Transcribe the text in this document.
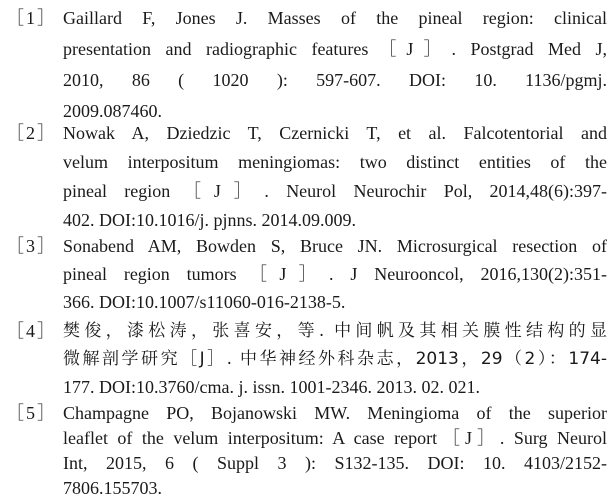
［1］ Gaillard F, Jones J. Masses of the pineal region: clinical
presentation and radiographic features［J］. Postgrad Med J,
2010, 86 ( 1020 ): 597-607. DOI: 10. 1136/pgmj.
2009.087460.
［2］ Nowak A, Dziedzic T, Czernicki T, et al. Falcotentorial and
velum interpositum meningiomas: two distinct entities of the
pineal region［J］. Neurol Neurochir Pol, 2014,48(6):397-
402. DOI:10.1016/j. pjnns. 2014.09.009.
［3］ Sonabend AM, Bowden S, Bruce JN. Microsurgical resection of
pineal region tumors［J］. J Neurooncol, 2016,130(2):351-
366. DOI:10.1007/s11060-016-2138-5.
［4］ 樊俊，漆松涛，张喜安，等. 中间帆及其相关膜性结构的显
微解剖学研究［J］. 中华神经外科杂志，2013，29（2）：174-
177. DOI:10.3760/cma. j. issn. 1001-2346. 2013. 02. 021.
［5］ Champagne PO, Bojanowski MW. Meningioma of the superior
leaflet of the velum interpositum: A case report［J］. Surg Neurol
Int, 2015, 6 ( Suppl 3 ): S132-135. DOI: 10. 4103/2152-
7806.155703.
